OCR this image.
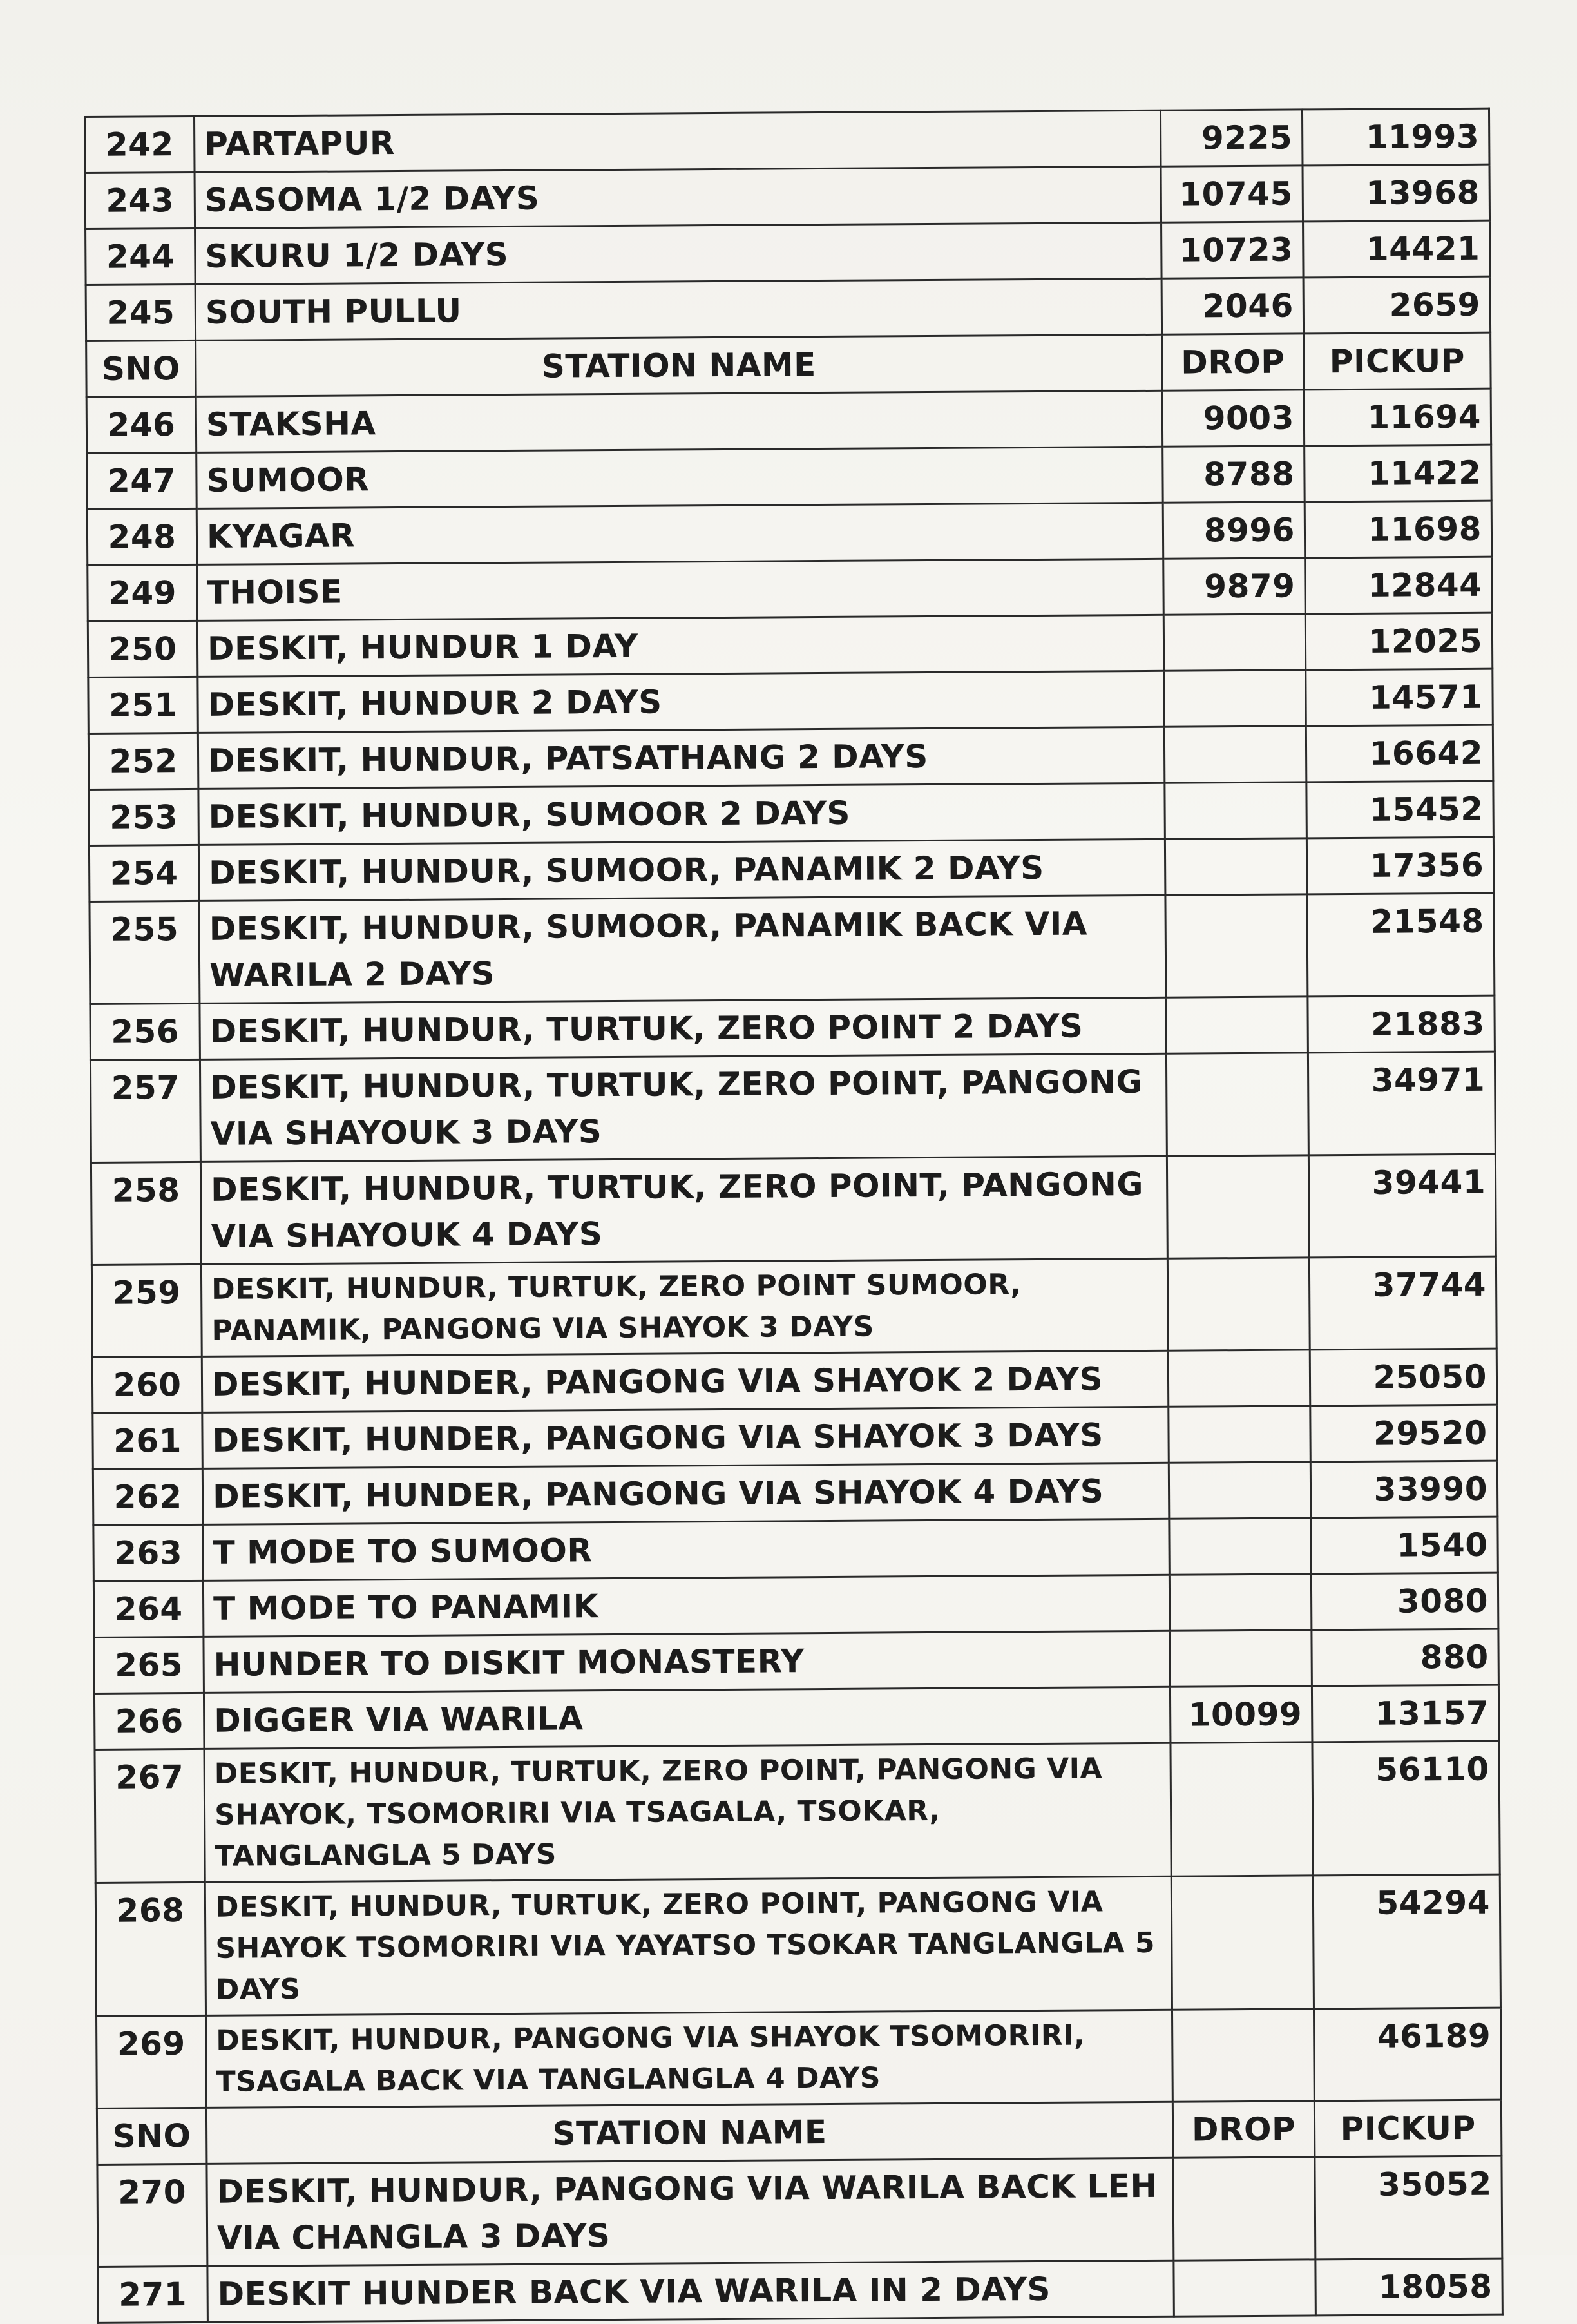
242	PARTAPUR	9225	11993
243	SASOMA 1/2 DAYS	10745	13968
244	SKURU 1/2 DAYS	10723	14421
245	SOUTH PULLU	2046	2659
SNO	STATION NAME	DROP	PICKUP
246	STAKSHA	9003	11694
247	SUMOOR	8788	11422
248	KYAGAR	8996	11698
249	THOISE	9879	12844
250	DESKIT, HUNDUR 1 DAY		12025
251	DESKIT, HUNDUR 2 DAYS		14571
252	DESKIT, HUNDUR, PATSATHANG 2 DAYS		16642
253	DESKIT, HUNDUR, SUMOOR 2 DAYS		15452
254	DESKIT, HUNDUR, SUMOOR, PANAMIK 2 DAYS		17356
255	DESKIT, HUNDUR, SUMOOR, PANAMIK BACK VIA WARILA 2 DAYS		21548
256	DESKIT, HUNDUR, TURTUK, ZERO POINT 2 DAYS		21883
257	DESKIT, HUNDUR, TURTUK, ZERO POINT, PANGONG VIA SHAYOUK 3 DAYS		34971
258	DESKIT, HUNDUR, TURTUK, ZERO POINT, PANGONG VIA SHAYOUK 4 DAYS		39441
259	DESKIT, HUNDUR, TURTUK, ZERO POINT SUMOOR, PANAMIK, PANGONG VIA SHAYOK 3 DAYS		37744
260	DESKIT, HUNDER, PANGONG VIA SHAYOK 2 DAYS		25050
261	DESKIT, HUNDER, PANGONG VIA SHAYOK 3 DAYS		29520
262	DESKIT, HUNDER, PANGONG VIA SHAYOK 4 DAYS		33990
263	T MODE TO SUMOOR		1540
264	T MODE TO PANAMIK		3080
265	HUNDER TO DISKIT MONASTERY		880
266	DIGGER VIA WARILA	10099	13157
267	DESKIT, HUNDUR, TURTUK, ZERO POINT, PANGONG VIA SHAYOK, TSOMORIRI VIA TSAGALA, TSOKAR, TANGLANGLA 5 DAYS		56110
268	DESKIT, HUNDUR, TURTUK, ZERO POINT, PANGONG VIA SHAYOK TSOMORIRI VIA YAYATSO TSOKAR TANGLANGLA 5 DAYS		54294
269	DESKIT, HUNDUR, PANGONG VIA SHAYOK TSOMORIRI, TSAGALA BACK VIA TANGLANGLA 4 DAYS		46189
SNO	STATION NAME	DROP	PICKUP
270	DESKIT, HUNDUR, PANGONG VIA WARILA BACK LEH VIA CHANGLA 3 DAYS		35052
271	DESKIT HUNDER BACK VIA WARILA IN 2 DAYS		18058
